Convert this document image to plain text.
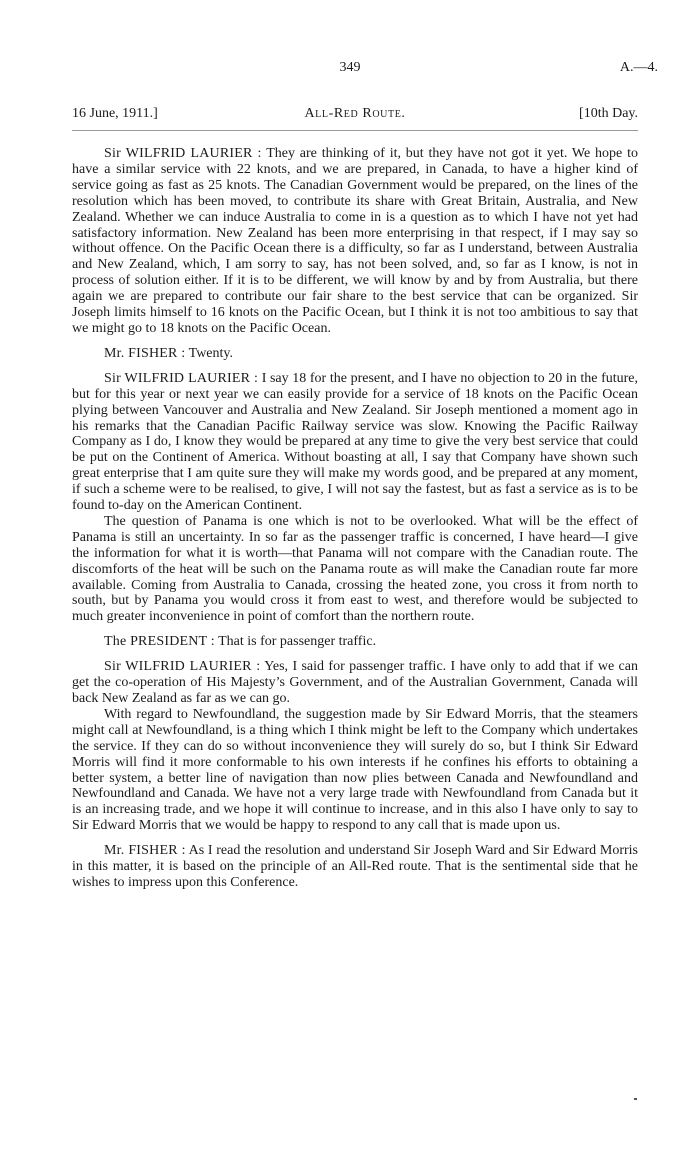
349	A.—4.
All-Red Route.
16 June, 1911.]	[10th Day.

Sir WILFRID LAURIER : They are thinking of it, but they have not got it yet. We hope to have a similar service with 22 knots, and we are prepared, in Canada, to have a higher kind of service going as fast as 25 knots. The Canadian Government would be prepared, on the lines of the resolution which has been moved, to contribute its share with Great Britain, Australia, and New Zealand. Whether we can induce Australia to come in is a question as to which I have not yet had satisfactory information. New Zealand has been more enterprising in that respect, if I may say so without offence. On the Pacific Ocean there is a difficulty, so far as I understand, between Australia and New Zealand, which, I am sorry to say, has not been solved, and, so far as I know, is not in process of solution either. If it is to be different, we will know by and by from Australia, but there again we are prepared to contribute our fair share to the best service that can be organized. Sir Joseph limits himself to 16 knots on the Pacific Ocean, but I think it is not too ambitious to say that we might go to 18 knots on the Pacific Ocean.

Mr. FISHER : Twenty.

Sir WILFRID LAURIER : I say 18 for the present, and I have no objection to 20 in the future, but for this year or next year we can easily provide for a service of 18 knots on the Pacific Ocean plying between Vancouver and Australia and New Zealand. Sir Joseph mentioned a moment ago in his remarks that the Canadian Pacific Railway service was slow. Knowing the Pacific Railway Company as I do, I know they would be prepared at any time to give the very best service that could be put on the Continent of America. Without boasting at all, I say that Company have shown such great enterprise that I am quite sure they will make my words good, and be prepared at any moment, if such a scheme were to be realised, to give, I will not say the fastest, but as fast a service as is to be found to-day on the American Continent.

The question of Panama is one which is not to be overlooked. What will be the effect of Panama is still an uncertainty. In so far as the passenger traffic is concerned, I have heard—I give the information for what it is worth—that Panama will not compare with the Canadian route. The discomforts of the heat will be such on the Panama route as will make the Canadian route far more available. Coming from Australia to Canada, crossing the heated zone, you cross it from north to south, but by Panama you would cross it from east to west, and therefore would be subjected to much greater inconvenience in point of comfort than the northern route.

The PRESIDENT : That is for passenger traffic.

Sir WILFRID LAURIER : Yes, I said for passenger traffic. I have only to add that if we can get the co-operation of His Majesty’s Government, and of the Australian Government, Canada will back New Zealand as far as we can go.

With regard to Newfoundland, the suggestion made by Sir Edward Morris, that the steamers might call at Newfoundland, is a thing which I think might be left to the Company which undertakes the service. If they can do so without inconvenience they will surely do so, but I think Sir Edward Morris will find it more conformable to his own interests if he confines his efforts to obtaining a better system, a better line of navigation than now plies between Canada and Newfoundland and Newfoundland and Canada. We have not a very large trade with Newfoundland from Canada but it is an increasing trade, and we hope it will continue to increase, and in this also I have only to say to Sir Edward Morris that we would be happy to respond to any call that is made upon us.

Mr. FISHER : As I read the resolution and understand Sir Joseph Ward and Sir Edward Morris in this matter, it is based on the principle of an All-Red route. That is the sentimental side that he wishes to impress upon this Conference.
